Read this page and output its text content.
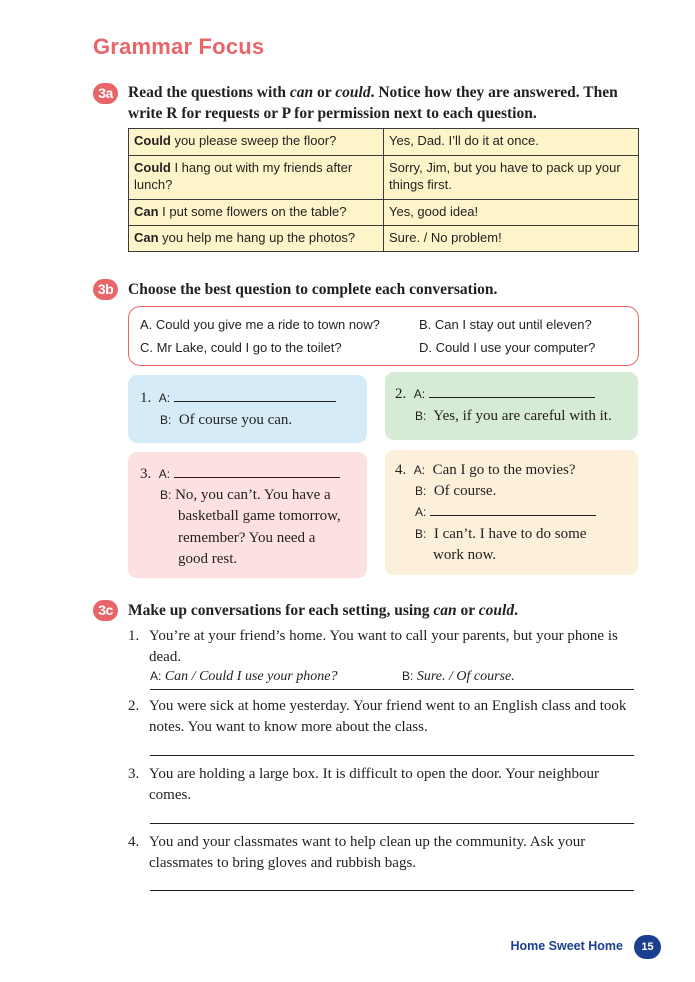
Grammar Focus
3a Read the questions with can or could. Notice how they are answered. Then write R for requests or P for permission next to each question.
Could you please sweep the floor?	Yes, Dad. I’ll do it at once.
Could I hang out with my friends after lunch?	Sorry, Jim, but you have to pack up your things first.
Can I put some flowers on the table?	Yes, good idea!
Can you help me hang up the photos?	Sure. / No problem!
3b Choose the best question to complete each conversation.
A. Could you give me a ride to town now?	B. Can I stay out until eleven?
C. Mr Lake, could I go to the toilet?	D. Could I use your computer?
1. A:
B: Of course you can.
2. A:
B: Yes, if you are careful with it.
3. A:
B: No, you can’t. You have a
basketball game tomorrow,
remember? You need a
good rest.
4. A: Can I go to the movies?
B: Of course.
A:
B: I can’t. I have to do some
work now.
3c Make up conversations for each setting, using can or could.
1. You’re at your friend’s home. You want to call your parents, but your phone is dead.
A: Can / Could I use your phone?	B: Sure. / Of course.
2. You were sick at home yesterday. Your friend went to an English class and took notes. You want to know more about the class.
3. You are holding a large box. It is difficult to open the door. Your neighbour comes.
4. You and your classmates want to help clean up the community. Ask your classmates to bring gloves and rubbish bags.
Home Sweet Home	15
